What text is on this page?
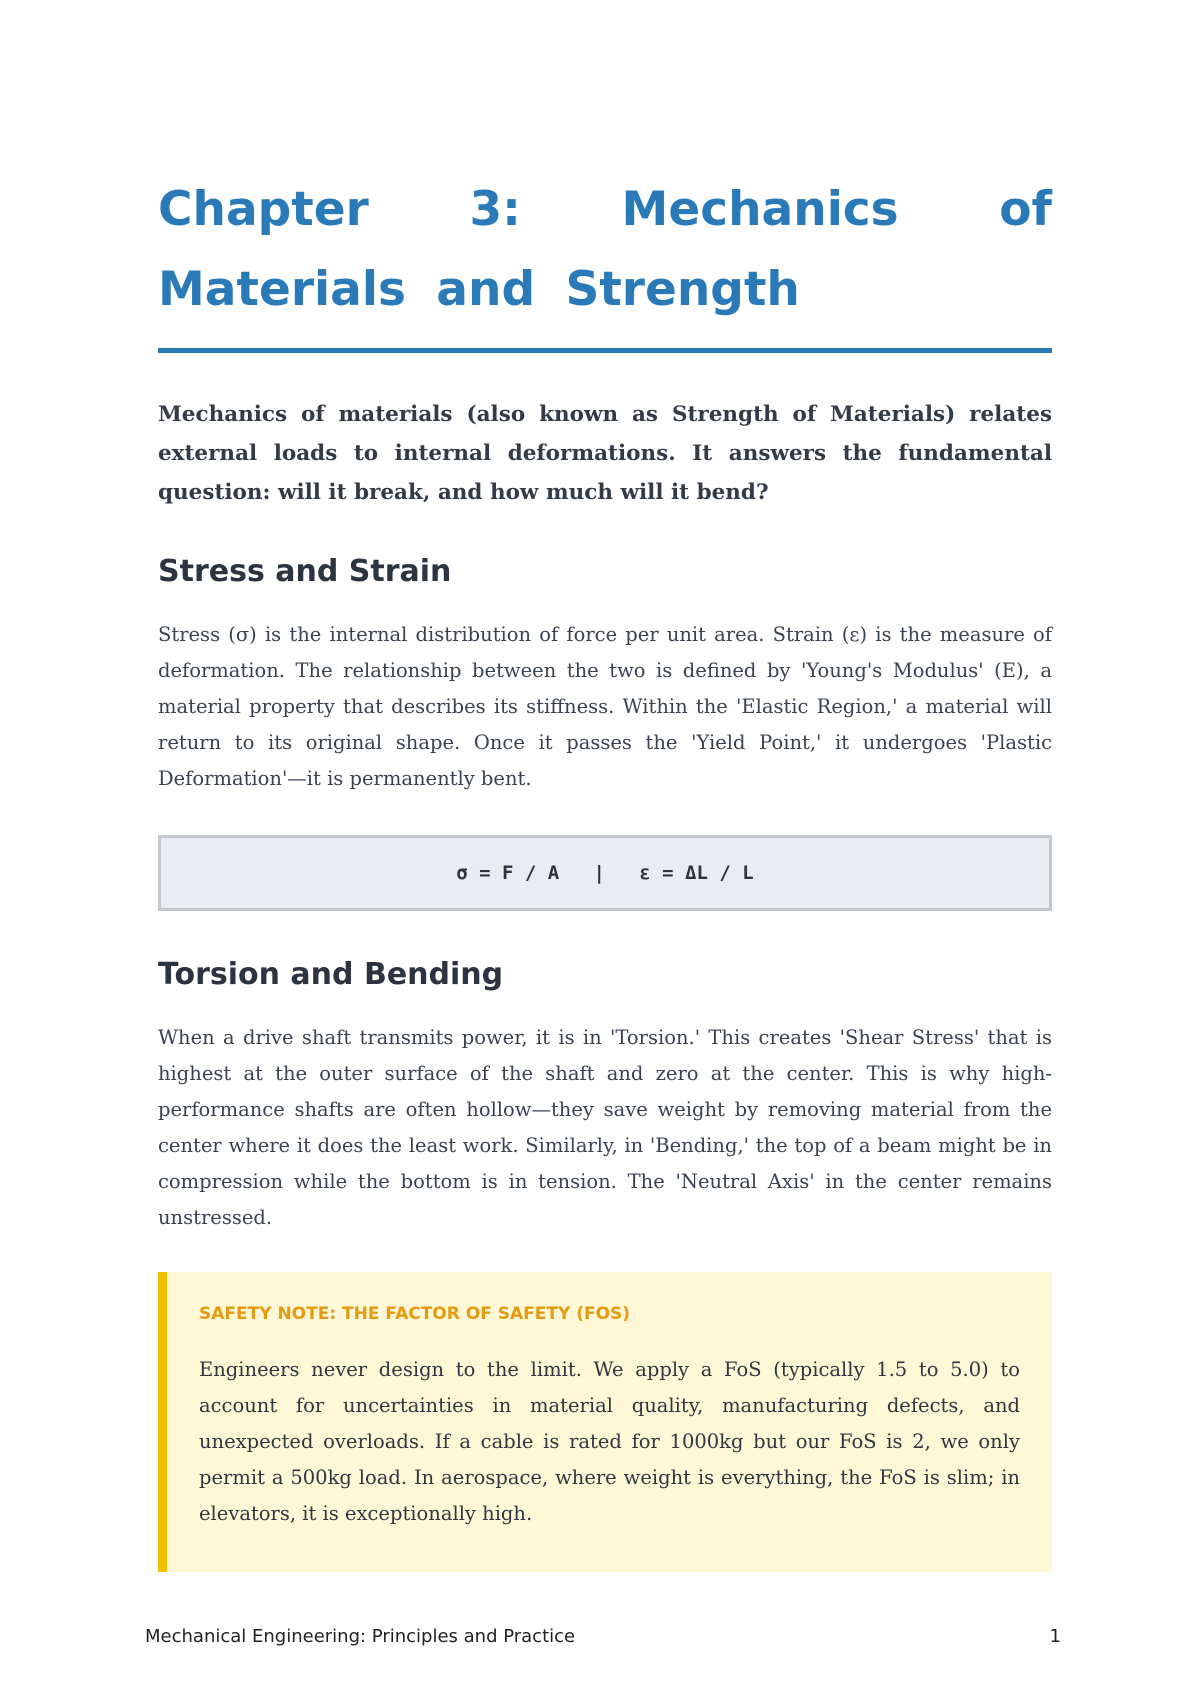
Chapter 3: Mechanics of Materials and Strength

Mechanics of materials (also known as Strength of Materials) relates external loads to internal deformations. It answers the fundamental question: will it break, and how much will it bend?

Stress and Strain

Stress (σ) is the internal distribution of force per unit area. Strain (ε) is the measure of deformation. The relationship between the two is defined by 'Young's Modulus' (E), a material property that describes its stiffness. Within the 'Elastic Region,' a material will return to its original shape. Once it passes the 'Yield Point,' it undergoes 'Plastic Deformation'—it is permanently bent.

σ = F / A   |   ε = ΔL / L
Torsion and Bending

When a drive shaft transmits power, it is in 'Torsion.' This creates 'Shear Stress' that is highest at the outer surface of the shaft and zero at the center. This is why high-performance shafts are often hollow—they save weight by removing material from the center where it does the least work. Similarly, in 'Bending,' the top of a beam might be in compression while the bottom is in tension. The 'Neutral Axis' in the center remains unstressed.

SAFETY NOTE: THE FACTOR OF SAFETY (FOS)

Engineers never design to the limit. We apply a FoS (typically 1.5 to 5.0) to account for uncertainties in material quality, manufacturing defects, and unexpected overloads. If a cable is rated for 1000kg but our FoS is 2, we only permit a 500kg load. In aerospace, where weight is everything, the FoS is slim; in elevators, it is exceptionally high.

Mechanical Engineering: Principles and Practice	1
